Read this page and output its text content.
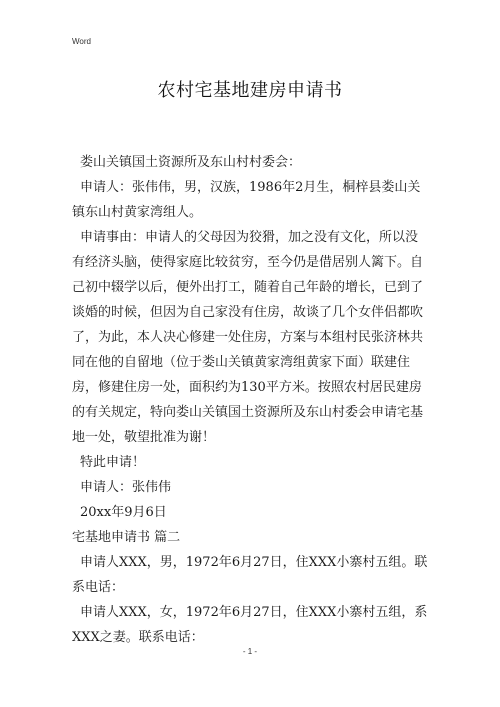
Word
农村宅基地建房申请书

娄山关镇国土资源所及东山村村委会：

申请人：张伟伟，男，汉族，1986年2月生，桐梓县娄山关镇东山村黄家湾组人。

申请事由：申请人的父母因为狡猾，加之没有文化，所以没有经济头脑，使得家庭比较贫穷，至今仍是借居别人篱下。自己初中辍学以后，便外出打工，随着自己年龄的增长，已到了谈婚的时候，但因为自己家没有住房，故谈了几个女伴侣都吹了，为此，本人决心修建一处住房，方案与本组村民张济林共同在他的自留地（位于娄山关镇黄家湾组黄家下面）联建住房，修建住房一处，面积约为130平方米。按照农村居民建房的有关规定，特向娄山关镇国土资源所及东山村委会申请宅基地一处，敬望批准为谢！

特此申请！

申请人：张伟伟

20xx年9月6日

宅基地申请书 篇二

申请人XXX，男，1972年6月27日，住XXX小寨村五组。联系电话：

申请人XXX，女，1972年6月27日，住XXX小寨村五组，系XXX之妻。联系电话：

- 1 -
